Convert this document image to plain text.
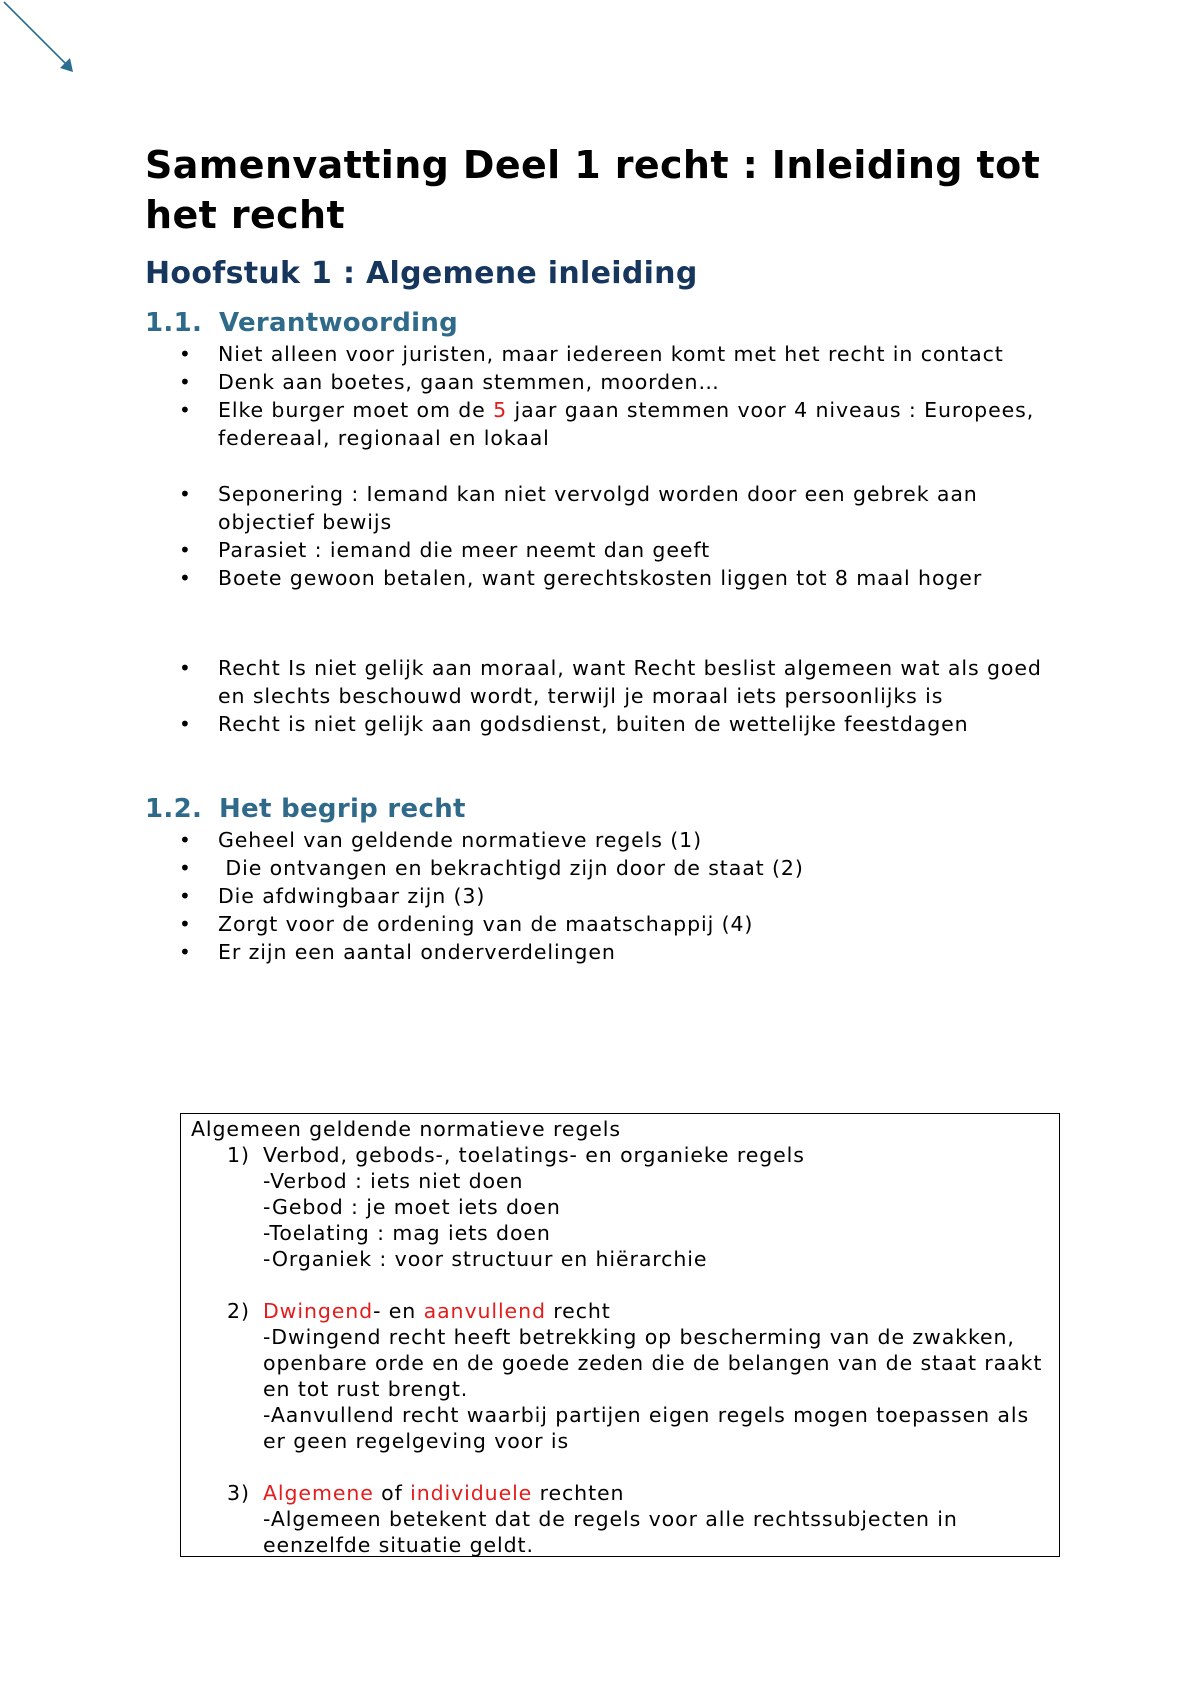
Samenvatting Deel 1 recht : Inleiding tot het recht
Hoofstuk 1 : Algemene inleiding
1.1. Verantwoording
• Niet alleen voor juristen, maar iedereen komt met het recht in contact
• Denk aan boetes, gaan stemmen, moorden…
• Elke burger moet om de 5 jaar gaan stemmen voor 4 niveaus : Europees, federeaal, regionaal en lokaal
• Seponering : Iemand kan niet vervolgd worden door een gebrek aan objectief bewijs
• Parasiet : iemand die meer neemt dan geeft
• Boete gewoon betalen, want gerechtskosten liggen tot 8 maal hoger
• Recht Is niet gelijk aan moraal, want Recht beslist algemeen wat als goed en slechts beschouwd wordt, terwijl je moraal iets persoonlijks is
• Recht is niet gelijk aan godsdienst, buiten de wettelijke feestdagen
1.2. Het begrip recht
• Geheel van geldende normatieve regels (1)
•  Die ontvangen en bekrachtigd zijn door de staat (2)
• Die afdwingbaar zijn (3)
• Zorgt voor de ordening van de maatschappij (4)
• Er zijn een aantal onderverdelingen

Algemeen geldende normatieve regels

1) Verbod, gebods-, toelatings- en organieke regels

-Verbod : iets niet doen

-Gebod : je moet iets doen

-Toelating : mag iets doen

-Organiek : voor structuur en hiërarchie

2) Dwingend- en aanvullend recht

-Dwingend recht heeft betrekking op bescherming van de zwakken, openbare orde en de goede zeden die de belangen van de staat raakt en tot rust brengt.

-Aanvullend recht waarbij partijen eigen regels mogen toepassen als er geen regelgeving voor is

3) Algemene of individuele rechten

-Algemeen betekent dat de regels voor alle rechtssubjecten in eenzelfde situatie geldt.
